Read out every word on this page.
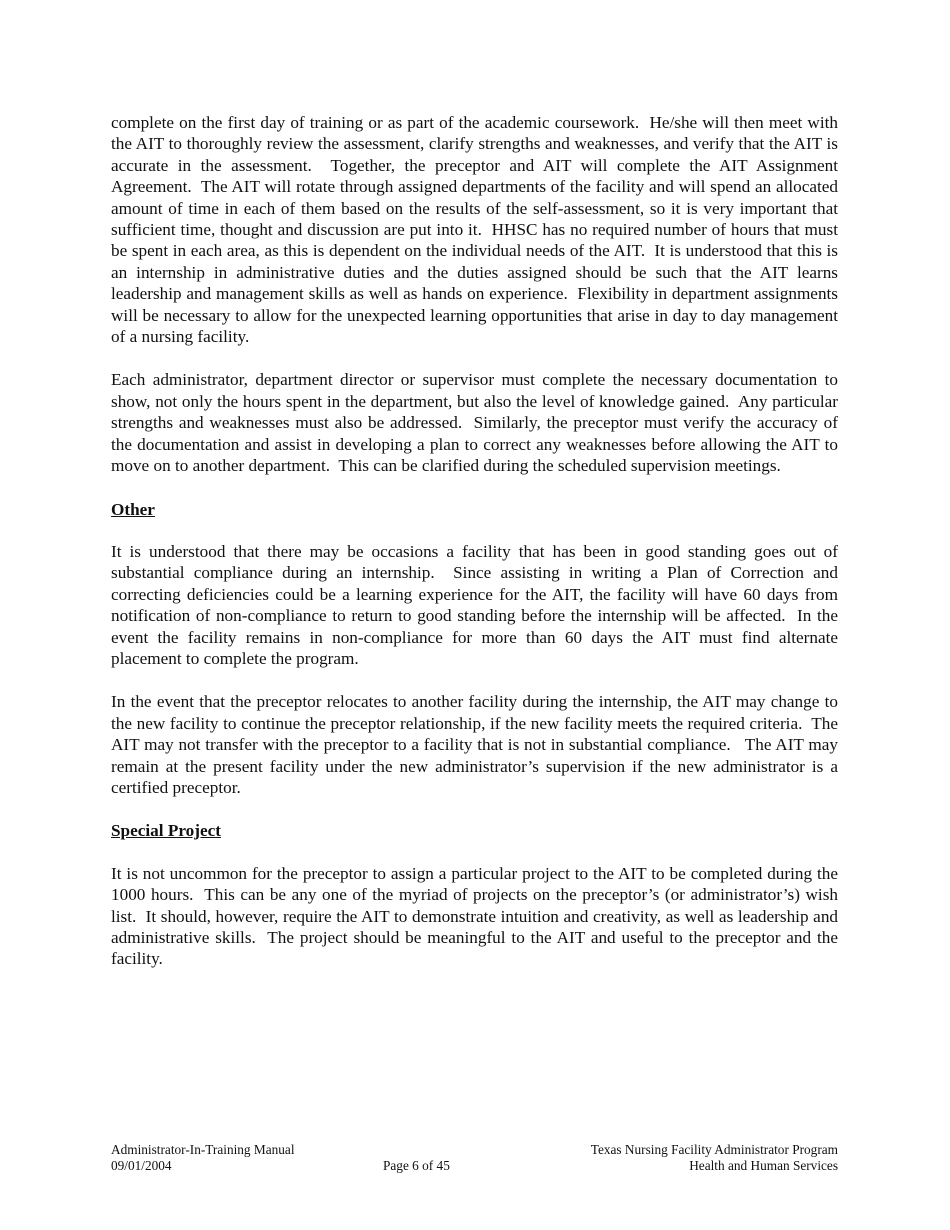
complete on the first day of training or as part of the academic coursework.  He/she will then meet with the AIT to thoroughly review the assessment, clarify strengths and weaknesses, and verify that the AIT is accurate in the assessment.  Together, the preceptor and AIT will complete the AIT Assignment Agreement.  The AIT will rotate through assigned departments of the facility and will spend an allocated amount of time in each of them based on the results of the self-assessment, so it is very important that sufficient time, thought and discussion are put into it.  HHSC has no required number of hours that must be spent in each area, as this is dependent on the individual needs of the AIT.  It is understood that this is an internship in administrative duties and the duties assigned should be such that the AIT learns leadership and management skills as well as hands on experience.  Flexibility in department assignments will be necessary to allow for the unexpected learning opportunities that arise in day to day management of a nursing facility.

Each administrator, department director or supervisor must complete the necessary documentation to show, not only the hours spent in the department, but also the level of knowledge gained.  Any particular strengths and weaknesses must also be addressed.  Similarly, the preceptor must verify the accuracy of the documentation and assist in developing a plan to correct any weaknesses before allowing the AIT to move on to another department.  This can be clarified during the scheduled supervision meetings.

Other

It is understood that there may be occasions a facility that has been in good standing goes out of substantial compliance during an internship.  Since assisting in writing a Plan of Correction and correcting deficiencies could be a learning experience for the AIT, the facility will have 60 days from notification of non-compliance to return to good standing before the internship will be affected.  In the event the facility remains in non-compliance for more than 60 days the AIT must find alternate placement to complete the program.

In the event that the preceptor relocates to another facility during the internship, the AIT may change to the new facility to continue the preceptor relationship, if the new facility meets the required criteria.  The AIT may not transfer with the preceptor to a facility that is not in substantial compliance.   The AIT may remain at the present facility under the new administrator’s supervision if the new administrator is a certified preceptor.

Special Project

It is not uncommon for the preceptor to assign a particular project to the AIT to be completed during the 1000 hours.  This can be any one of the myriad of projects on the preceptor’s (or administrator’s) wish list.  It should, however, require the AIT to demonstrate intuition and creativity, as well as leadership and administrative skills.  The project should be meaningful to the AIT and useful to the preceptor and the facility.

Administrator-In-Training Manual
09/01/2004	Page 6 of 45
Texas Nursing Facility Administrator Program
Health and Human Services
